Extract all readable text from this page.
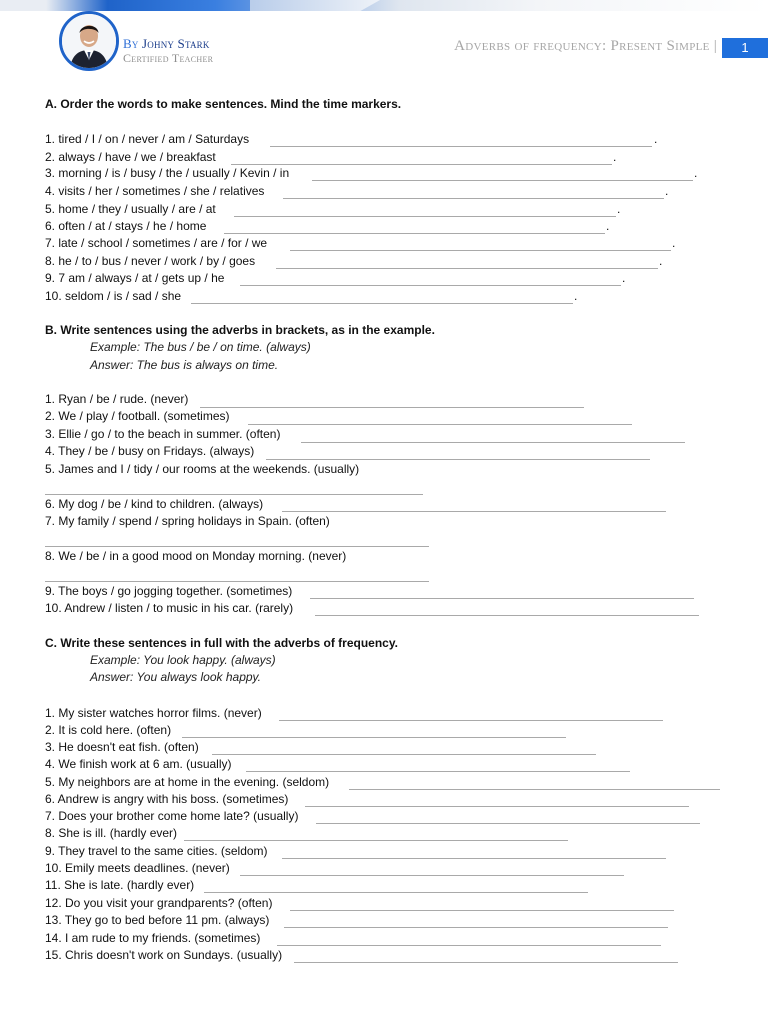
By Johny Stark
Certified Teacher
Adverbs of frequency: Present Simple |	1
A. Order the words to make sentences. Mind the time markers.
1. tired / I / on / never / am / Saturdays	.
2. always / have / we / breakfast	.
3. morning / is / busy / the / usually / Kevin / in	.
4. visits / her / sometimes / she / relatives	.
5. home / they / usually / are / at	.
6. often / at / stays / he / home	.
7. late / school / sometimes / are / for / we	.
8. he / to / bus / never / work / by / goes	.
9. 7 am / always / at / gets up / he	.
10. seldom / is / sad / she	.
B. Write sentences using the adverbs in brackets, as in the example.
Example: The bus / be / on time. (always)
Answer: The bus is always on time.
1. Ryan / be / rude. (never)
2. We / play / football. (sometimes)
3. Ellie / go / to the beach in summer. (often)
4. They / be / busy on Fridays. (always)
5. James and I / tidy / our rooms at the weekends. (usually)
6. My dog / be / kind to children. (always)
7. My family / spend / spring holidays in Spain. (often)
8. We / be / in a good mood on Monday morning. (never)
9. The boys / go jogging together. (sometimes)
10. Andrew / listen / to music in his car. (rarely)
C. Write these sentences in full with the adverbs of frequency.
Example: You look happy. (always)
Answer: You always look happy.
1. My sister watches horror films. (never)
2. It is cold here. (often)
3. He doesn't eat fish. (often)
4. We finish work at 6 am. (usually)
5. My neighbors are at home in the evening. (seldom)
6. Andrew is angry with his boss. (sometimes)
7. Does your brother come home late? (usually)
8. She is ill. (hardly ever)
9. They travel to the same cities. (seldom)
10. Emily meets deadlines. (never)
11. She is late. (hardly ever)
12. Do you visit your grandparents? (often)
13. They go to bed before 11 pm. (always)
14. I am rude to my friends. (sometimes)
15. Chris doesn't work on Sundays. (usually)
